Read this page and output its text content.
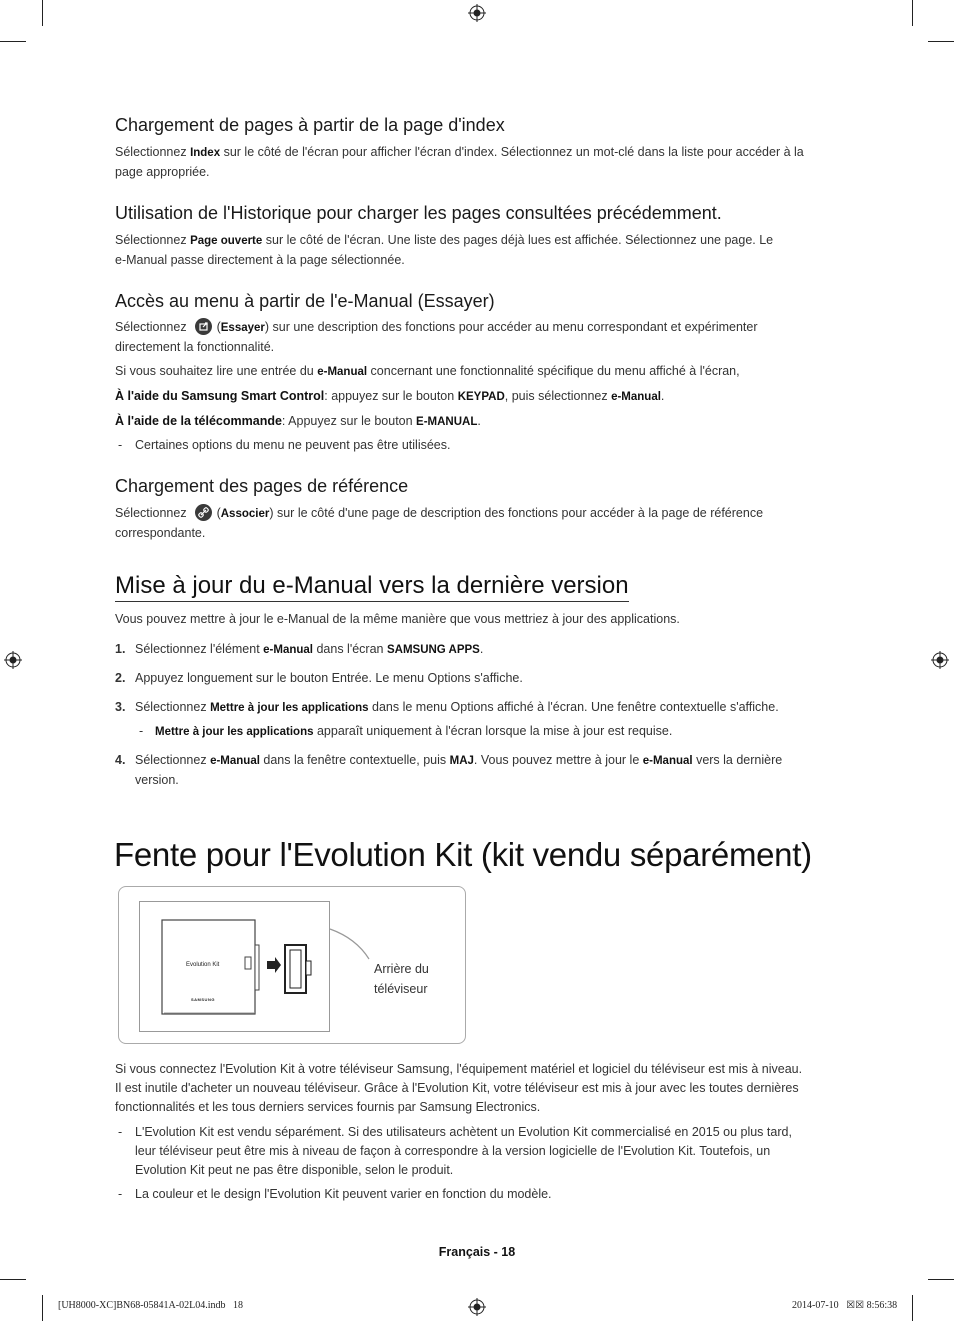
Chargement de pages à partir de la page d'index
Sélectionnez Index sur le côté de l'écran pour afficher l'écran d'index. Sélectionnez un mot-clé dans la liste pour accéder à la
page appropriée.
Utilisation de l'Historique pour charger les pages consultées précédemment.
Sélectionnez Page ouverte sur le côté de l'écran. Une liste des pages déjà lues est affichée. Sélectionnez une page. Le
e-Manual passe directement à la page sélectionnée.
Accès au menu à partir de l'e-Manual (Essayer)
Sélectionnez (Essayer) sur une description des fonctions pour accéder au menu correspondant et expérimenter
directement la fonctionnalité.
Si vous souhaitez lire une entrée du e-Manual concernant une fonctionnalité spécifique du menu affiché à l'écran,
À l'aide du Samsung Smart Control: appuyez sur le bouton KEYPAD, puis sélectionnez e-Manual.
À l'aide de la télécommande: Appuyez sur le bouton E-MANUAL.
- Certaines options du menu ne peuvent pas être utilisées.
Chargement des pages de référence
Sélectionnez (Associer) sur le côté d'une page de description des fonctions pour accéder à la page de référence
correspondante.
Mise à jour du e-Manual vers la dernière version
Vous pouvez mettre à jour le e-Manual de la même manière que vous mettriez à jour des applications.
1. Sélectionnez l'élément e-Manual dans l'écran SAMSUNG APPS.
2. Appuyez longuement sur le bouton Entrée. Le menu Options s'affiche.
3. Sélectionnez Mettre à jour les applications dans le menu Options affiché à l'écran. Une fenêtre contextuelle s'affiche.
- Mettre à jour les applications apparaît uniquement à l'écran lorsque la mise à jour est requise.
4. Sélectionnez e-Manual dans la fenêtre contextuelle, puis MAJ. Vous pouvez mettre à jour le e-Manual vers la dernière
version.
Fente pour l'Evolution Kit (kit vendu séparément)
Evolution Kit
SAMSUNG
Arrière du
téléviseur
Si vous connectez l'Evolution Kit à votre téléviseur Samsung, l'équipement matériel et logiciel du téléviseur est mis à niveau.
Il est inutile d'acheter un nouveau téléviseur. Grâce à l'Evolution Kit, votre téléviseur est mis à jour avec les toutes dernières
fonctionnalités et les tous derniers services fournis par Samsung Electronics.
- L'Evolution Kit est vendu séparément. Si des utilisateurs achètent un Evolution Kit commercialisé en 2015 ou plus tard,
leur téléviseur peut être mis à niveau de façon à correspondre à la version logicielle de l'Evolution Kit. Toutefois, un
Evolution Kit peut ne pas être disponible, selon le produit.
- La couleur et le design l'Evolution Kit peuvent varier en fonction du modèle.
Français - 18
[UH8000-XC]BN68-05841A-02L04.indb   18	2014-07-10   ☒☒ 8:56:38
